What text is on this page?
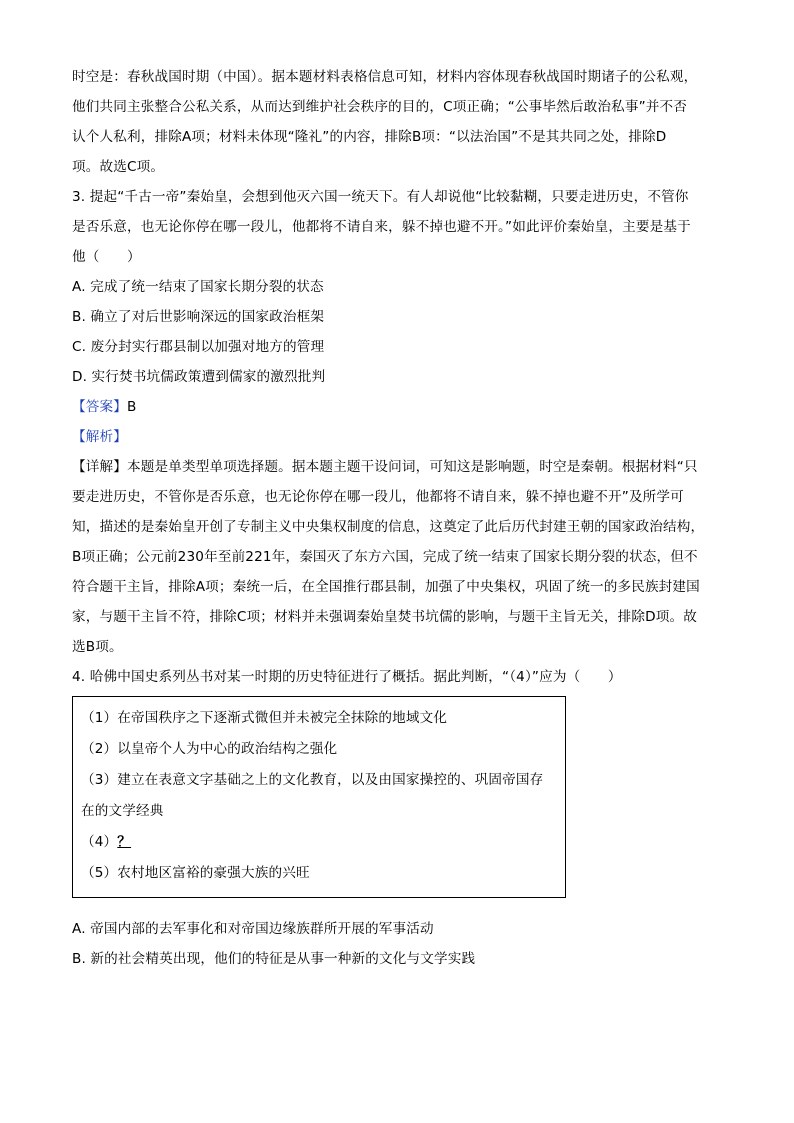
时空是：春秋战国时期（中国）。据本题材料表格信息可知，材料内容体现春秋战国时期诸子的公私观，
他们共同主张整合公私关系，从而达到维护社会秩序的目的，C项正确；“公事毕然后敢治私事”并不否
认个人私利，排除A项；材料未体现“隆礼”的内容，排除B项：“以法治国”不是其共同之处，排除D
项。故选C项。
3. 提起“千古一帝”秦始皇，会想到他灭六国一统天下。有人却说他“比较黏糊，只要走进历史，不管你
是否乐意，也无论你停在哪一段儿，他都将不请自来，躲不掉也避不开。”如此评价秦始皇，主要是基于
他（　　）
A. 完成了统一结束了国家长期分裂的状态
B. 确立了对后世影响深远的国家政治框架
C. 废分封实行郡县制以加强对地方的管理
D. 实行焚书坑儒政策遭到儒家的激烈批判
【答案】B
【解析】
【详解】本题是单类型单项选择题。据本题主题干设问词，可知这是影响题，时空是秦朝。根据材料“只
要走进历史，不管你是否乐意，也无论你停在哪一段儿，他都将不请自来，躲不掉也避不开”及所学可
知，描述的是秦始皇开创了专制主义中央集权制度的信息，这奠定了此后历代封建王朝的国家政治结构，
B项正确；公元前230年至前221年，秦国灭了东方六国，完成了统一结束了国家长期分裂的状态，但不
符合题干主旨，排除A项；秦统一后，在全国推行郡县制，加强了中央集权，巩固了统一的多民族封建国
家，与题干主旨不符，排除C项；材料并未强调秦始皇焚书坑儒的影响，与题干主旨无关，排除D项。故
选B项。
4. 哈佛中国史系列丛书对某一时期的历史特征进行了概括。据此判断，“（4）”应为（　　）
（1）在帝国秩序之下逐渐式微但并未被完全抹除的地域文化
（2）以皇帝个人为中心的政治结构之强化
（3）建立在表意文字基础之上的文化教育，以及由国家操控的、巩固帝国存
在的文学经典
（4）？
（5）农村地区富裕的豪强大族的兴旺
A. 帝国内部的去军事化和对帝国边缘族群所开展的军事活动
B. 新的社会精英出现，他们的特征是从事一种新的文化与文学实践
